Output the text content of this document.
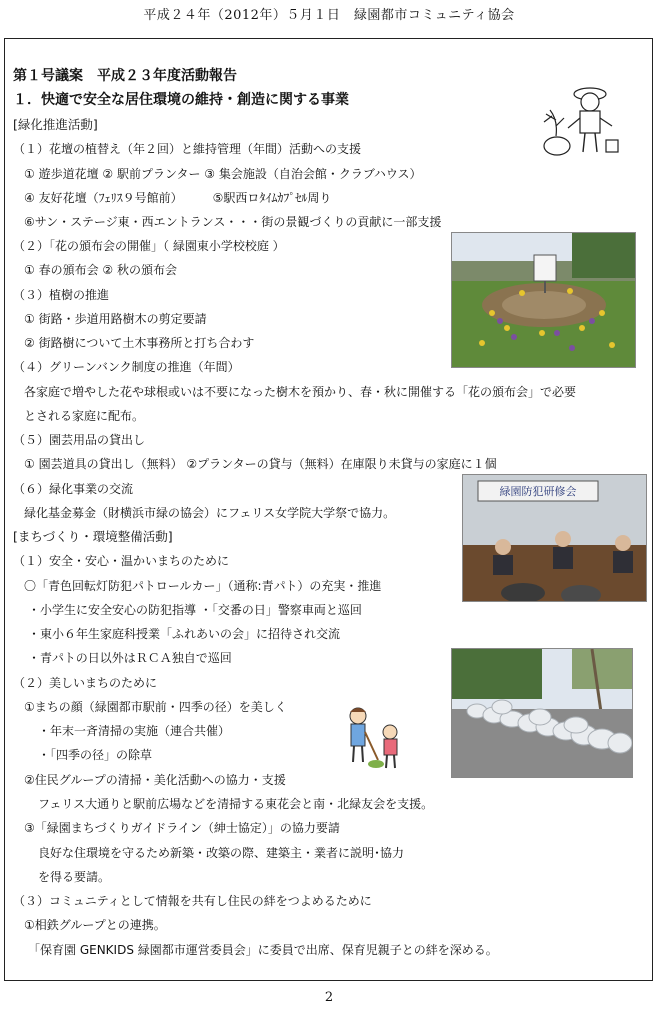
平成２４年（2012年）５月１日　緑園都市コミュニティ協会
第１号議案　平成２３年度活動報告
１．快適で安全な居住環境の維持・創造に関する事業
[緑化推進活動]
（１）花壇の植替え（年２回）と維持管理（年間）活動への支援
① 遊歩道花壇 ② 駅前プランター ③ 集会施設（自治会館・クラブハウス）
④ 友好花壇（ﾌｪﾘｽ９号館前）　　　⑤駅西ロﾀｲﾑｶﾌﾟｾﾙ周り
⑥サン・ステージ東・西エントランス・・・街の景観づくりの貢献に一部支援
（２）「花の頒布会の開催」（ 緑園東小学校校庭 ）
① 春の頒布会 ② 秋の頒布会
（３）植樹の推進
① 街路・歩道用路樹木の剪定要請
② 街路樹について土木事務所と打ち合わす
（４）グリーンバンク制度の推進（年間）
各家庭で増やした花や球根或いは不要になった樹木を預かり、春・秋に開催する「花の頒布会」で必要
とされる家庭に配布。
（５）園芸用品の貸出し
① 園芸道具の貸出し（無料） ②プランターの貸与（無料）在庫限り未貸与の家庭に１個
（６）緑化事業の交流
緑化基金募金（財横浜市緑の協会）にフェリス女学院大学祭で協力。
[まちづくり・環境整備活動]
（１）安全・安心・温かいまちのために
〇「青色回転灯防犯パトロールカー」（通称:青パト）の充実・推進
・小学生に安全安心の防犯指導 ・「交番の日」警察車両と巡回
・東小６年生家庭科授業「ふれあいの会」に招待され交流
・青パトの日以外はＲＣＡ独自で巡回
（２）美しいまちのために
①まちの顔（緑園都市駅前・四季の径）を美しく
・年末一斉清掃の実施（連合共催）
・「四季の径」の除草
②住民グループの清掃・美化活動への協力・支援
フェリス大通りと駅前広場などを清掃する東花会と南・北緑友会を支援。
③「緑園まちづくりガイドライン（紳士協定）」の協力要請
良好な住環境を守るため新築・改築の際、建築主・業者に説明･協力
を得る要請。
（３）コミュニティとして情報を共有し住民の絆をつよめるために
①相鉄グループとの連携。
「保育園 GENKIDS 緑園都市運営委員会」に委員で出席、保育児親子との絆を深める。
緑園防犯研修会
2
